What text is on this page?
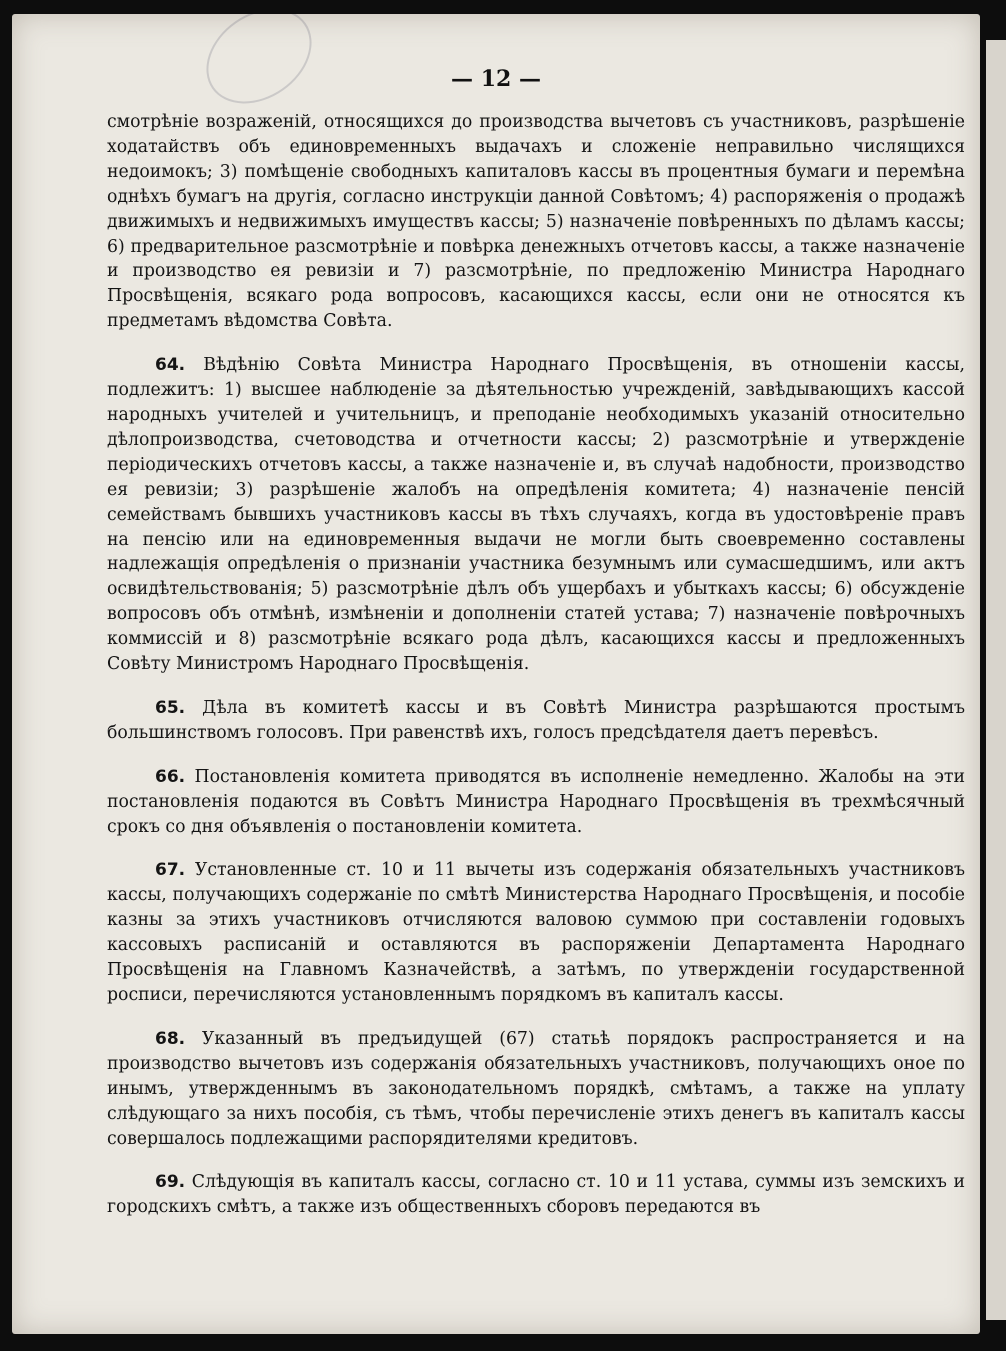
— 12 —

смотрѣніе возраженій, относящихся до производства вычетовъ съ участниковъ, разрѣшеніе ходатайствъ объ единовременныхъ выдачахъ и сложеніе неправильно числящихся недоимокъ; 3) помѣщеніе свободныхъ капиталовъ кассы въ процентныя бумаги и перемѣна однѣхъ бумагъ на другія, согласно инструкціи данной Совѣтомъ; 4) распоряженія о продажѣ движимыхъ и недвижимыхъ имуществъ кассы; 5) назначеніе повѣренныхъ по дѣламъ кассы; 6) предварительное разсмотрѣніе и повѣрка денежныхъ отчетовъ кассы, а также назначеніе и производство ея ревизіи и 7) разсмотрѣніе, по предложенію Министра Народнаго Просвѣщенія, всякаго рода вопросовъ, касающихся кассы, если они не относятся къ предметамъ вѣдомства Совѣта.

64. Вѣдѣнію Совѣта Министра Народнаго Просвѣщенія, въ отношеніи кассы, подлежитъ: 1) высшее наблюденіе за дѣятельностью учрежденій, завѣдывающихъ кассой народныхъ учителей и учительницъ, и преподаніе необходимыхъ указаній относительно дѣлопроизводства, счетоводства и отчетности кассы; 2) разсмотрѣніе и утвержденіе періодическихъ отчетовъ кассы, а также назначеніе и, въ случаѣ надобности, производство ея ревизіи; 3) разрѣшеніе жалобъ на опредѣленія комитета; 4) назначеніе пенсій семействамъ бывшихъ участниковъ кассы въ тѣхъ случаяхъ, когда въ удостовѣреніе правъ на пенсію или на единовременныя выдачи не могли быть своевременно составлены надлежащія опредѣленія о признаніи участника безумнымъ или сумасшедшимъ, или актъ освидѣтельствованія; 5) разсмотрѣніе дѣлъ объ ущербахъ и убыткахъ кассы; 6) обсужденіе вопросовъ объ отмѣнѣ, измѣненіи и дополненіи статей устава; 7) назначеніе повѣрочныхъ коммиссій и 8) разсмотрѣніе всякаго рода дѣлъ, касающихся кассы и предложенныхъ Совѣту Министромъ Народнаго Просвѣщенія.

65. Дѣла въ комитетѣ кассы и въ Совѣтѣ Министра разрѣшаются простымъ большинствомъ голосовъ. При равенствѣ ихъ, голосъ предсѣдателя даетъ перевѣсъ.

66. Постановленія комитета приводятся въ исполненіе немедленно. Жалобы на эти постановленія подаются въ Совѣтъ Министра Народнаго Просвѣщенія въ трехмѣсячный срокъ со дня объявленія о постановленіи комитета.

67. Установленные ст. 10 и 11 вычеты изъ содержанія обязательныхъ участниковъ кассы, получающихъ содержаніе по смѣтѣ Министерства Народнаго Просвѣщенія, и пособіе казны за этихъ участниковъ отчисляются валовою суммою при составленіи годовыхъ кассовыхъ расписаній и оставляются въ распоряженіи Департамента Народнаго Просвѣщенія на Главномъ Казначействѣ, а затѣмъ, по утвержденіи государственной росписи, перечисляются установленнымъ порядкомъ въ капиталъ кассы.

68. Указанный въ предъидущей (67) статьѣ порядокъ распространяется и на производство вычетовъ изъ содержанія обязательныхъ участниковъ, получающихъ оное по инымъ, утвержденнымъ въ законодательномъ порядкѣ, смѣтамъ, а также на уплату слѣдующаго за нихъ пособія, съ тѣмъ, чтобы перечисленіе этихъ денегъ въ капиталъ кассы совершалось подлежащими распорядителями кредитовъ.

69. Слѣдующія въ капиталъ кассы, согласно ст. 10 и 11 устава, суммы изъ земскихъ и городскихъ смѣтъ, а также изъ общественныхъ сборовъ передаются въ
